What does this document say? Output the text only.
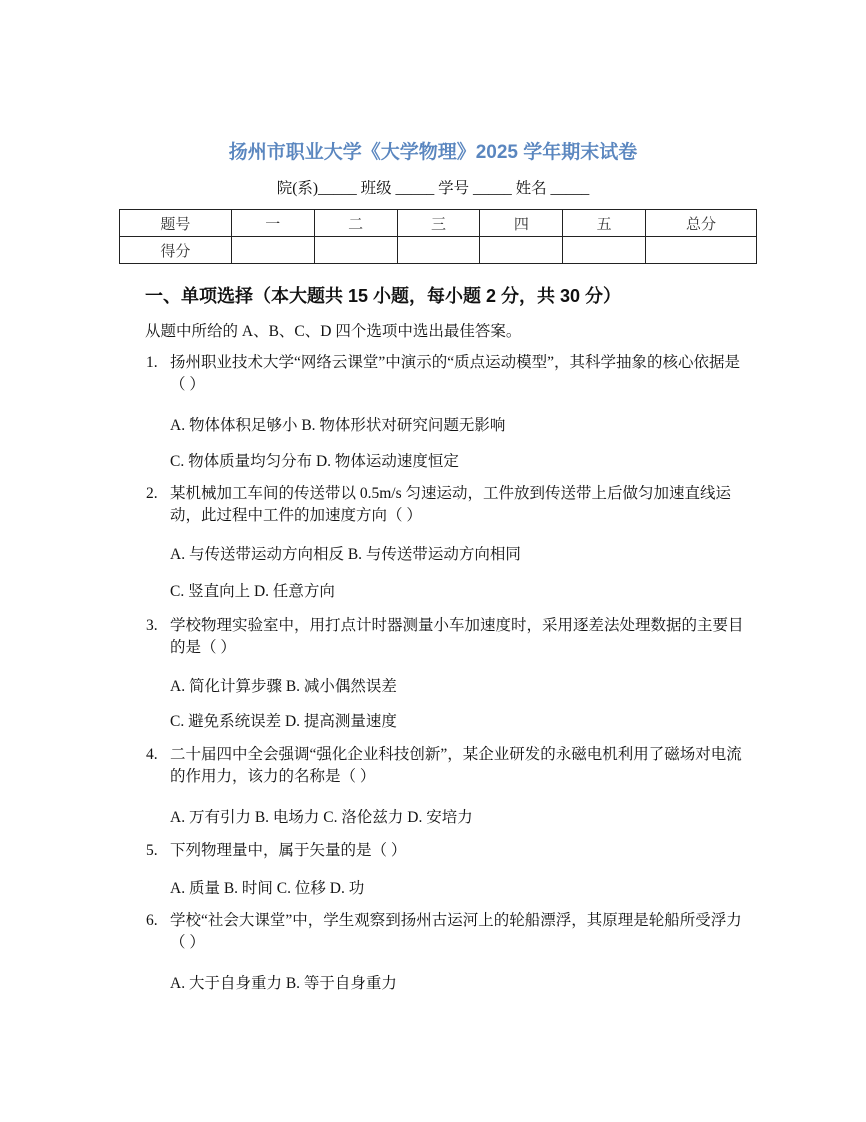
扬州市职业大学《大学物理》2025 学年期末试卷
院(系)_____ 班级 _____ 学号 _____ 姓名 _____
题号	一	二	三	四	五	总分
得分						
一、单项选择（本大题共 15 小题，每小题 2 分，共 30 分）
从题中所给的 A、B、C、D 四个选项中选出最佳答案。
1. 扬州职业技术大学“网络云课堂”中演示的“质点运动模型”，其科学抽象的核心依据是（ ）
A. 物体体积足够小 B. 物体形状对研究问题无影响
C. 物体质量均匀分布 D. 物体运动速度恒定
2. 某机械加工车间的传送带以 0.5m/s 匀速运动，工件放到传送带上后做匀加速直线运动，此过程中工件的加速度方向（ ）
A. 与传送带运动方向相反 B. 与传送带运动方向相同
C. 竖直向上 D. 任意方向
3. 学校物理实验室中，用打点计时器测量小车加速度时，采用逐差法处理数据的主要目的是（ ）
A. 简化计算步骤 B. 减小偶然误差
C. 避免系统误差 D. 提高测量速度
4. 二十届四中全会强调“强化企业科技创新”，某企业研发的永磁电机利用了磁场对电流的作用力，该力的名称是（ ）
A. 万有引力 B. 电场力 C. 洛伦兹力 D. 安培力
5. 下列物理量中，属于矢量的是（ ）
A. 质量 B. 时间 C. 位移 D. 功
6. 学校“社会大课堂”中，学生观察到扬州古运河上的轮船漂浮，其原理是轮船所受浮力（ ）
A. 大于自身重力 B. 等于自身重力
